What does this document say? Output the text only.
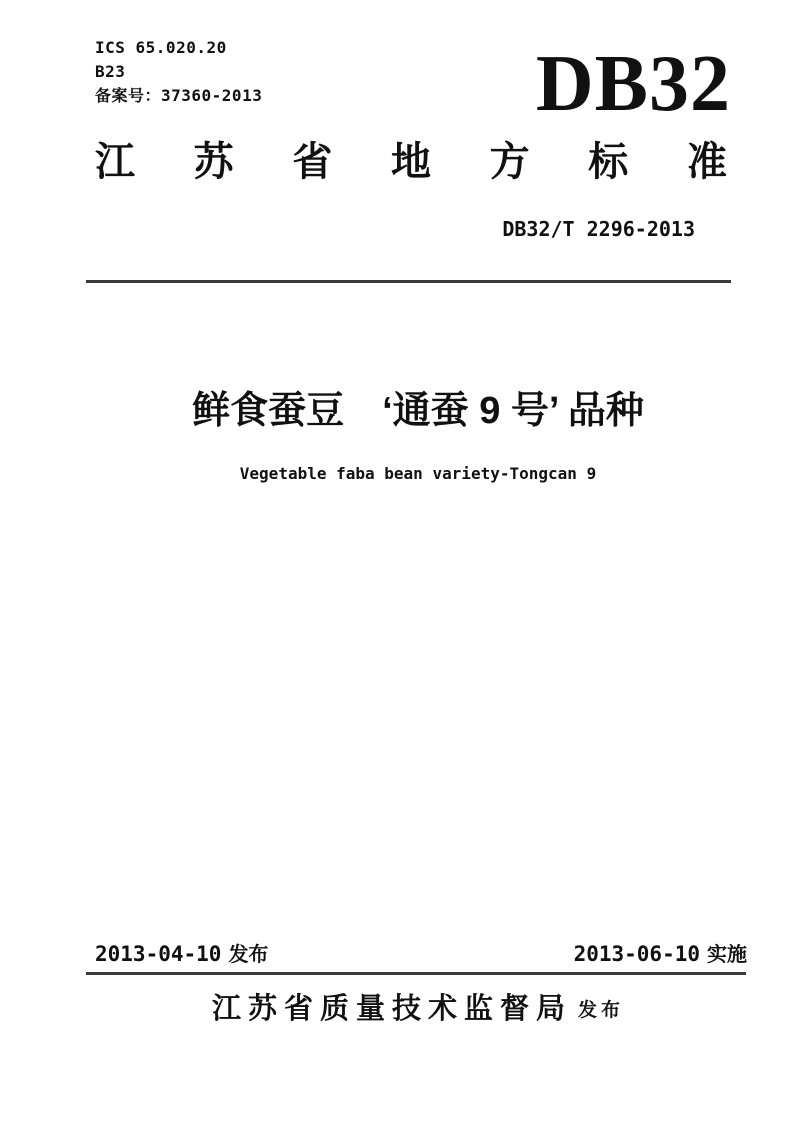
ICS 65.020.20
B23
备案号：37360-2013	DB32
江 苏 省 地 方 标 准
DB32/T 2296-2013
鲜食蚕豆　‘通蚕 9 号’ 品种
Vegetable faba bean variety-Tongcan 9
2013-04-10 发布	2013-06-10 实施
江苏省质量技术监督局 发布
